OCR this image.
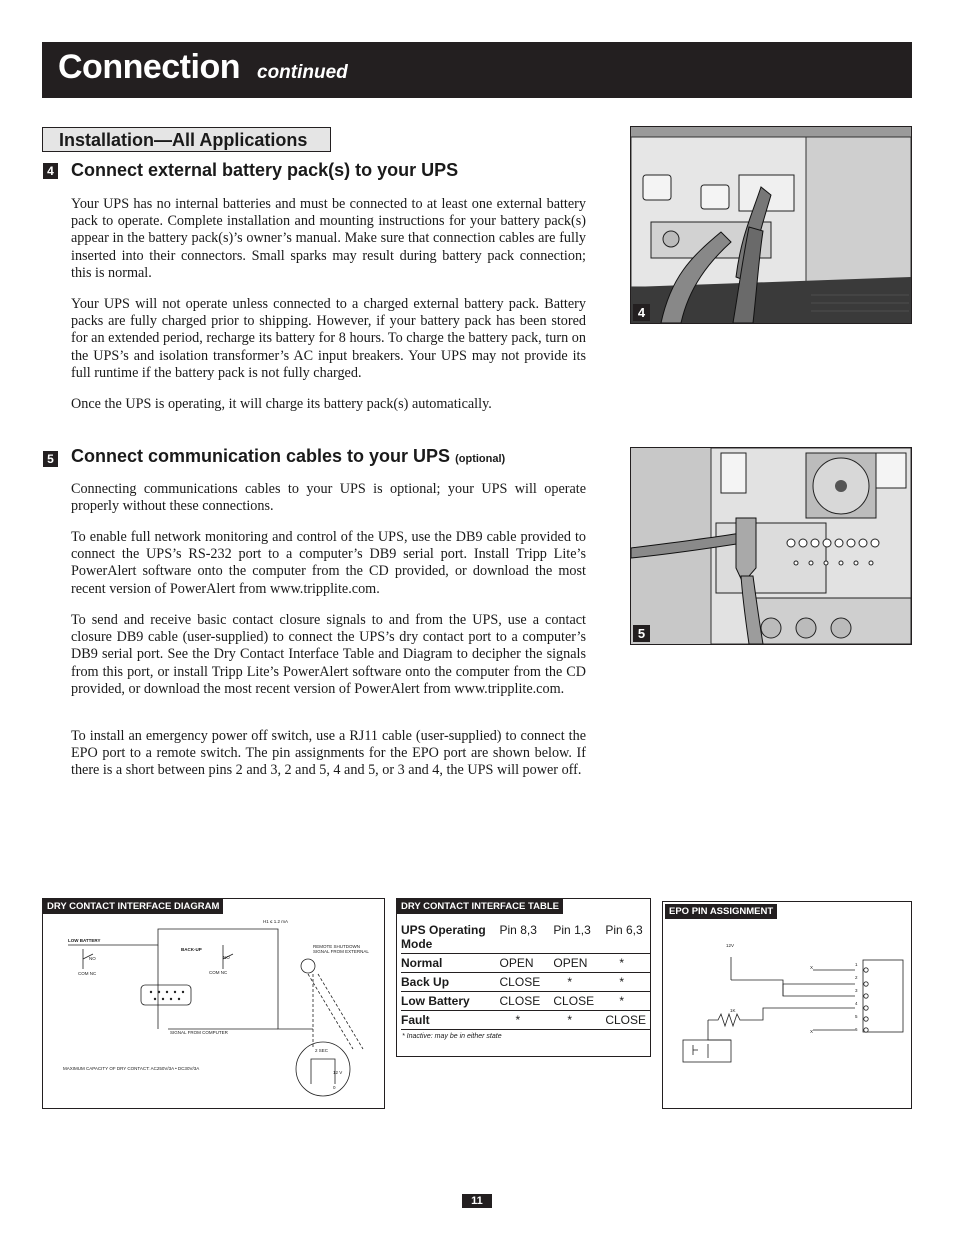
Connection continued
Installation—All Applications
4 Connect external battery pack(s) to your UPS

Your UPS has no internal batteries and must be connected to at least one external battery pack to operate. Complete installation and mounting instructions for your battery pack(s) appear in the battery pack(s)’s owner’s manual. Make sure that connection cables are fully inserted into their connectors. Small sparks may result during battery pack connection; this is normal.

Your UPS will not operate unless connected to a charged external battery pack. Battery packs are fully charged prior to shipping. However, if your battery pack has been stored for an extended period, recharge its battery for 8 hours. To charge the battery pack, turn on the UPS’s and isolation transformer’s AC input breakers. Your UPS may not provide its full runtime if the battery pack is not fully charged.

Once the UPS is operating, it will charge its battery pack(s) automatically.

4
5 Connect communication cables to your UPS (optional)

Connecting communications cables to your UPS is optional; your UPS will operate properly without these connections.

To enable full network monitoring and control of the UPS, use the DB9 cable provided to connect the UPS’s RS-232 port to a computer’s DB9 serial port. Install Tripp Lite’s PowerAlert software onto the computer from the CD provided, or download the most recent version of PowerAlert from www.tripplite.com.

To send and receive basic contact closure signals to and from the UPS, use a contact closure DB9 cable (user-supplied) to connect the UPS’s dry contact port to a computer’s DB9 serial port. See the Dry Contact Interface Table and Diagram to decipher the signals from this port, or install Tripp Lite’s PowerAlert software onto the computer from the CD provided, or download the most recent version of PowerAlert from www.tripplite.com.

To install an emergency power off switch, use a RJ11 cable (user-supplied) to connect the EPO port to a remote switch. The pin assignments for the EPO port are shown below. If there is a short between pins 2 and 3, 2 and 5, 4 and 5, or 3 and 4, the UPS will power off.

5
DRY CONTACT INTERFACE DIAGRAM
LOW BATTERY
BACK-UP
NO
COM NC
NO
COM NC
REMOTE SHUTDOWN SIGNAL FROM EXTERNAL
SIGNAL FROM COMPUTER
H1 ≤ 1.2 mA
MAXIMUM CAPACITY OF DRY CONTACT: AC250V/3A • DC30V/3A
2 SEC
12 V
0
DRY CONTACT INTERFACE TABLE
UPS Operating Mode	Pin 8,3	Pin 1,3	Pin 6,3
Normal	OPEN	OPEN	*
Back Up	CLOSE	*	*
Low Battery	CLOSE	CLOSE	*
Fault	*	*	CLOSE
* Inactive: may be in either state
EPO PIN ASSIGNMENT
12V
1K
X
X
1
2
3
4
5
6
11
